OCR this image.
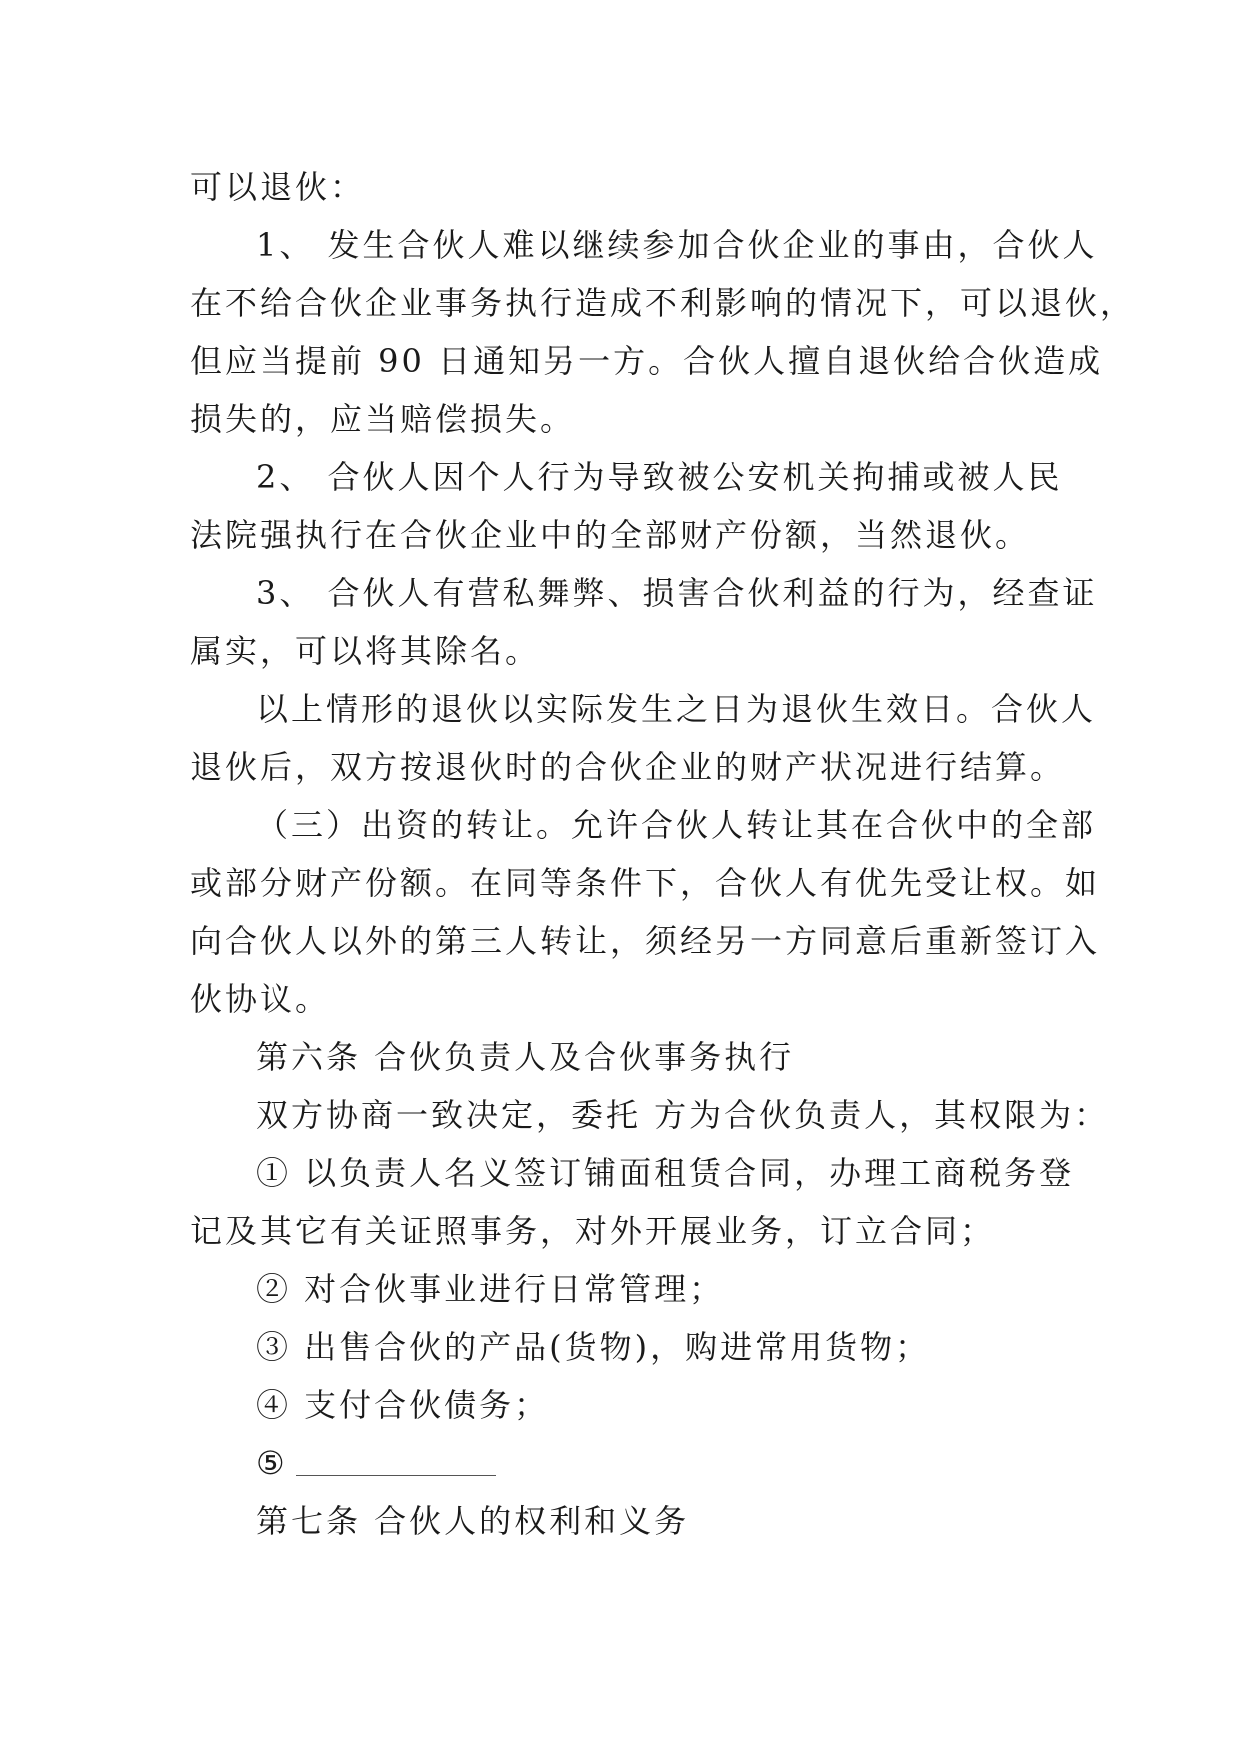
可以退伙：
1、 发生合伙人难以继续参加合伙企业的事由，合伙人
在不给合伙企业事务执行造成不利影响的情况下，可以退伙，
但应当提前 90 日通知另一方。合伙人擅自退伙给合伙造成
损失的，应当赔偿损失。
2、 合伙人因个人行为导致被公安机关拘捕或被人民
法院强执行在合伙企业中的全部财产份额，当然退伙。
3、 合伙人有营私舞弊、损害合伙利益的行为，经查证
属实，可以将其除名。
以上情形的退伙以实际发生之日为退伙生效日。合伙人
退伙后，双方按退伙时的合伙企业的财产状况进行结算。
（三）出资的转让。允许合伙人转让其在合伙中的全部
或部分财产份额。在同等条件下，合伙人有优先受让权。如
向合伙人以外的第三人转让，须经另一方同意后重新签订入
伙协议。
第六条 合伙负责人及合伙事务执行
双方协商一致决定，委托 方为合伙负责人，其权限为：
① 以负责人名义签订铺面租赁合同，办理工商税务登
记及其它有关证照事务，对外开展业务，订立合同；
② 对合伙事业进行日常管理；
③ 出售合伙的产品(货物)，购进常用货物；
④ 支付合伙债务；
⑤
第七条 合伙人的权利和义务
